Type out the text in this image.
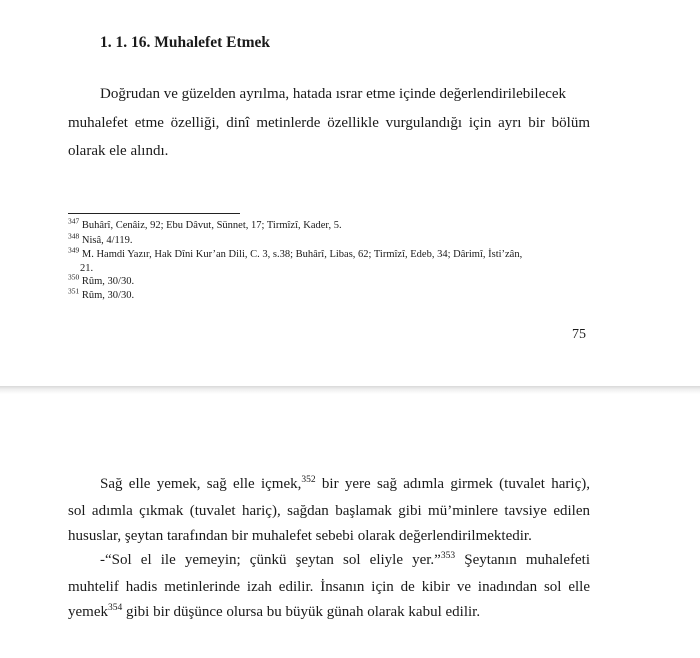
1. 1. 16. Muhalefet Etmek
Doğrudan ve güzelden ayrılma, hatada ısrar etme içinde değerlendirilebilecek
muhalefet etme özelliği, dinî metinlerde özellikle vurgulandığı için ayrı bir bölüm
olarak ele alındı.
$^{347}$ Buhârî, Cenâiz, 92; Ebu Dâvut, Sünnet, 17; Tirmîzî, Kader, 5.
$^{348}$ Nisâ, 4/119.
$^{349}$ M. Hamdi Yazır, Hak Dîni Kur’an Dili, C. 3, s.38; Buhârî, Libas, 62; Tirmîzî, Edeb, 34; Dârimî, İsti’zân,
21.
$^{350}$ Rûm, 30/30.
$^{351}$ Rûm, 30/30.
75
Sağ elle yemek, sağ elle içmek,$^{352}$ bir yere sağ adımla girmek (tuvalet hariç),
sol adımla çıkmak (tuvalet hariç), sağdan başlamak gibi mü’minlere tavsiye edilen
hususlar, şeytan tarafından bir muhalefet sebebi olarak değerlendirilmektedir.
-“Sol el ile yemeyin; çünkü şeytan sol eliyle yer.”$^{353}$ Şeytanın muhalefeti
muhtelif hadis metinlerinde izah edilir. İnsanın için de kibir ve inadından sol elle
yemek$^{354}$ gibi bir düşünce olursa bu büyük günah olarak kabul edilir.
